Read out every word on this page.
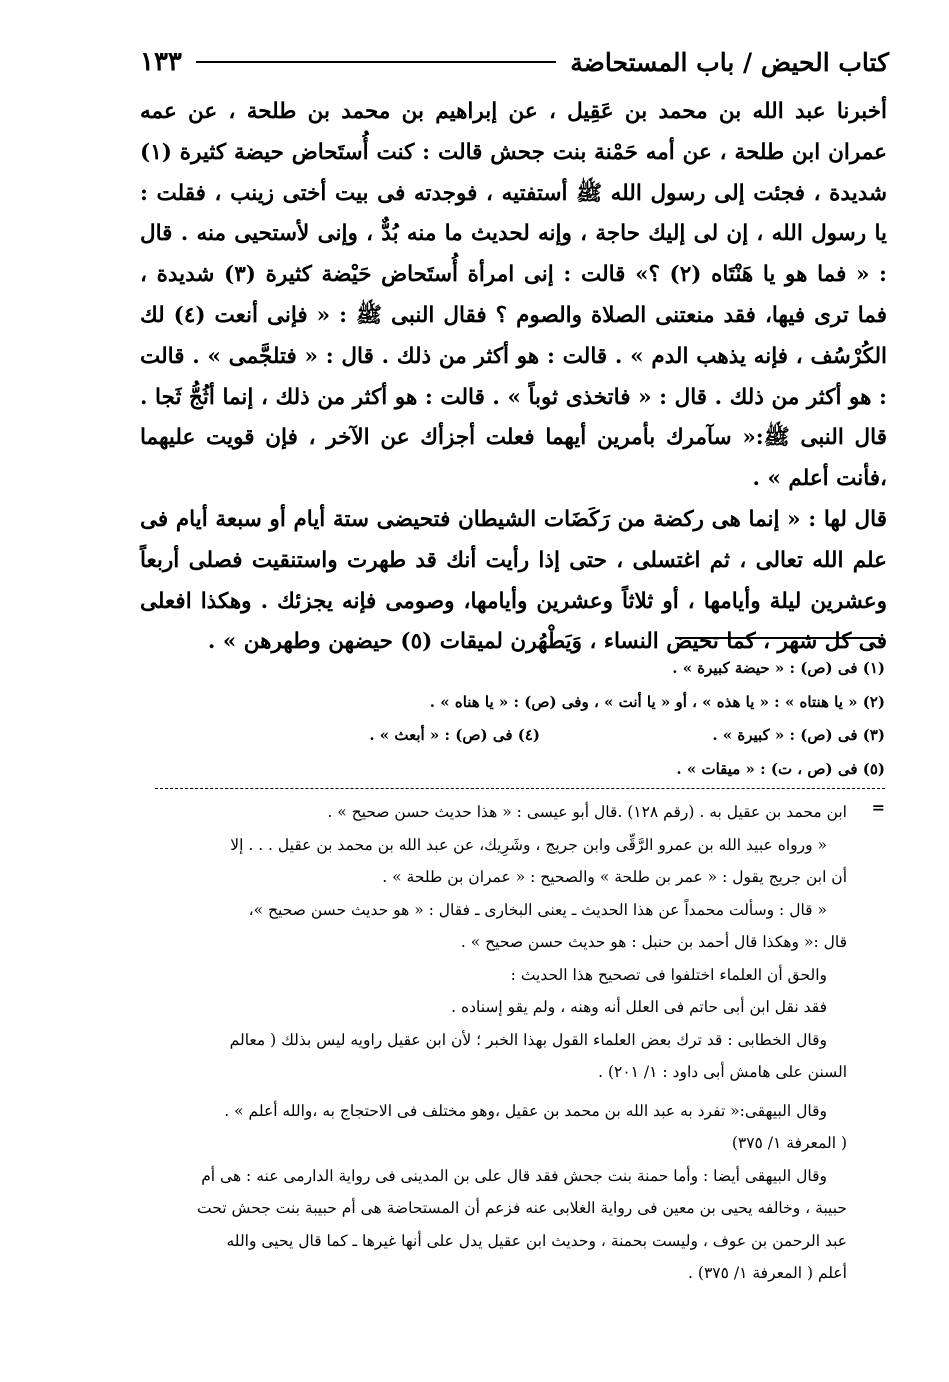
كتاب الحيض / باب المستحاضة
١٣٣

أخبرنا عبد الله بن محمد بن عَقِيل ، عن إبراهيم بن محمد بن طلحة ، عن عمه عمران ابن طلحة ، عن أمه حَمْنة بنت جحش قالت : كنت أُستَحاض حيضة كثيرة (١) شديدة ، فجئت إلى رسول الله ﷺ أستفتيه ، فوجدته فى بيت أختى زينب ، فقلت : يا رسول الله ، إن لى إليك حاجة ، وإنه لحديث ما منه بُدٌّ ، وإنى لأستحيى منه . قال : « فما هو يا هَنْتَاه (٢) ؟» قالت : إنى امرأة أُستَحاض حَيْضة كثيرة (٣) شديدة ، فما ترى فيها، فقد منعتنى الصلاة والصوم ؟ فقال النبى ﷺ : « فإنى أنعت (٤) لك الكُرْسُف ، فإنه يذهب الدم » . قالت : هو أكثر من ذلك . قال : « فتلجَّمى » . قالت : هو أكثر من ذلك . قال : « فاتخذى ثوباً » . قالت : هو أكثر من ذلك ، إنما أثُجُّ ثَجا . قال النبى ﷺ:« سآمرك بأمرين أيهما فعلت أجزأك عن الآخر ، فإن قويت عليهما ،فأنت أعلم » .

قال لها : « إنما هى ركضة من رَكَضَات الشيطان فتحيضى ستة أيام أو سبعة أيام فى علم الله تعالى ، ثم اغتسلى ، حتى إذا رأيت أنك قد طهرت واستنقيت فصلى أربعاً وعشرين ليلة وأيامها ، أو ثلاثاً وعشرين وأيامها، وصومى فإنه يجزئك . وهكذا افعلى فى كل شهر ، كما تحيض النساء ، وَيَطْهُرن لميقات (٥) حيضهن وطهرهن » .

(١) فى (ص) : « حيضة كبيرة » .
(٢) « يا هنتاه » : « يا هذه » ، أو « يا أنت » ، وفى (ص) : « يا هناه » .
(٣) فى (ص) : « كبيرة » .
(٤) فى (ص) : « أبعث » .
(٥) فى (ص ، ت) : « ميقات » .
=
ابن محمد بن عقيل به . (رقم ١٢٨) .قال أبو عيسى : « هذا حديث حسن صحيح » .
« ورواه عبيد الله بن عمرو الرَّقِّى وابن جريج ، وشَرِيك، عن عبد الله بن محمد بن عقيل . . . إلا
أن ابن جريج يقول : « عمر بن طلحة » والصحيح : « عمران بن طلحة » .
« قال : وسألت محمداً عن هذا الحديث ـ يعنى البخارى ـ فقال : « هو حديث حسن صحيح »،
قال :« وهكذا قال أحمد بن حنبل : هو حديث حسن صحيح » .
والحق أن العلماء اختلفوا فى تصحيح هذا الحديث :
فقد نقل ابن أبى حاتم فى العلل أنه وهنه ، ولم يقو إسناده .
وقال الخطابى : قد ترك بعض العلماء القول بهذا الخبر ؛ لأن ابن عقيل راويه ليس بذلك ( معالم
السنن على هامش أبى داود : ١/ ٢٠١) .
وقال البيهقى:« تفرد به عبد الله بن محمد بن عقيل ،وهو مختلف فى الاحتجاج به ،والله أعلم » .
( المعرفة ١/ ٣٧٥)
وقال البيهقى أيضا : وأما حمنة بنت جحش فقد قال على بن المدينى فى رواية الدارمى عنه : هى أم
حبيبة ، وخالفه يحيى بن معين فى رواية الغلابى عنه فزعم أن المستحاضة هى أم حبيبة بنت جحش تحت
عبد الرحمن بن عوف ، وليست بحمنة ، وحديث ابن عقيل يدل على أنها غيرها ـ كما قال يحيى والله
أعلم ( المعرفة ١/ ٣٧٥) .
